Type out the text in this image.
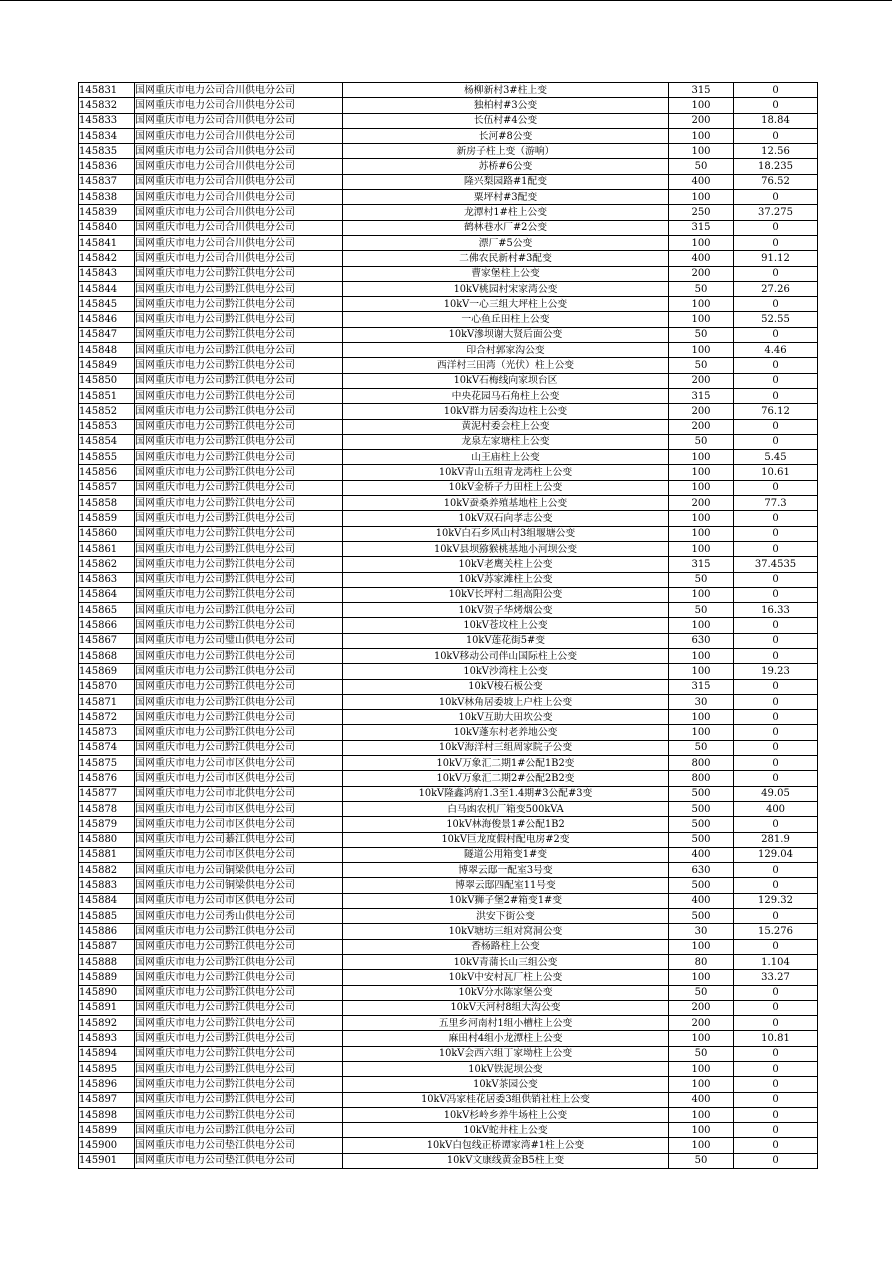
145831	国网重庆市电力公司合川供电分公司	杨柳新村3#柱上变	315	0
145832	国网重庆市电力公司合川供电分公司	独柏村#3公变	100	0
145833	国网重庆市电力公司合川供电分公司	长伍村#4公变	200	18.84
145834	国网重庆市电力公司合川供电分公司	长河#8公变	100	0
145835	国网重庆市电力公司合川供电分公司	新房子柱上变（游响）	100	12.56
145836	国网重庆市电力公司合川供电分公司	苏桥#6公变	50	18.235
145837	国网重庆市电力公司合川供电分公司	隆兴梨园路#1配变	400	76.52
145838	国网重庆市电力公司合川供电分公司	粟坪村#3配变	100	0
145839	国网重庆市电力公司合川供电分公司	龙潭村1#柱上公变	250	37.275
145840	国网重庆市电力公司合川供电分公司	鹤林巷水厂#2公变	315	0
145841	国网重庆市电力公司合川供电分公司	漂厂#5公变	100	0
145842	国网重庆市电力公司合川供电分公司	二佛农民新村#3配变	400	91.12
145843	国网重庆市电力公司黔江供电分公司	曹家堡柱上公变	200	0
145844	国网重庆市电力公司黔江供电分公司	10kV桃园村宋家湾公变	50	27.26
145845	国网重庆市电力公司黔江供电分公司	10kV一心三组大坪柱上公变	100	0
145846	国网重庆市电力公司黔江供电分公司	一心鱼丘田柱上公变	100	52.55
145847	国网重庆市电力公司黔江供电分公司	10kV滲坝谢大贤后面公变	50	0
145848	国网重庆市电力公司黔江供电分公司	印合村郭家沟公变	100	4.46
145849	国网重庆市电力公司黔江供电分公司	西洋村三田湾（光伏）柱上公变	50	0
145850	国网重庆市电力公司黔江供电分公司	10kV石梅线向家坝台区	200	0
145851	国网重庆市电力公司黔江供电分公司	中央花园马石角柱上公变	315	0
145852	国网重庆市电力公司黔江供电分公司	10kV群力居委沟边柱上公变	200	76.12
145853	国网重庆市电力公司黔江供电分公司	黄泥村委会柱上公变	200	0
145854	国网重庆市电力公司黔江供电分公司	龙泉左家塘柱上公变	50	0
145855	国网重庆市电力公司黔江供电分公司	山王庙柱上公变	100	5.45
145856	国网重庆市电力公司黔江供电分公司	10kV青山五组青龙湾柱上公变	100	10.61
145857	国网重庆市电力公司黔江供电分公司	10kV金桥子力田柱上公变	100	0
145858	国网重庆市电力公司黔江供电分公司	10kV蚕桑养殖基地柱上公变	200	77.3
145859	国网重庆市电力公司黔江供电分公司	10kV双石向孝志公变	100	0
145860	国网重庆市电力公司黔江供电分公司	10kV白石乡风山村3组堰塘公变	100	0
145861	国网重庆市电力公司黔江供电分公司	10kV县坝猕猴桃基地小河坝公变	100	0
145862	国网重庆市电力公司黔江供电分公司	10kV老鹰关柱上公变	315	37.4535
145863	国网重庆市电力公司黔江供电分公司	10kV苏家滩柱上公变	50	0
145864	国网重庆市电力公司黔江供电分公司	10kV长坪村二组高阳公变	100	0
145865	国网重庆市电力公司黔江供电分公司	10kV贺子华烤烟公变	50	16.33
145866	国网重庆市电力公司黔江供电分公司	10kV苍坟柱上公变	100	0
145867	国网重庆市电力公司璧山供电分公司	10kV莲花街5#变	630	0
145868	国网重庆市电力公司黔江供电分公司	10kV移动公司伴山国际柱上公变	100	0
145869	国网重庆市电力公司黔江供电分公司	10kV沙湾柱上公变	100	19.23
145870	国网重庆市电力公司黔江供电分公司	10kV梭石板公变	315	0
145871	国网重庆市电力公司黔江供电分公司	10kV林角居委坡上户柱上公变	30	0
145872	国网重庆市电力公司黔江供电分公司	10kV互助大田坎公变	100	0
145873	国网重庆市电力公司黔江供电分公司	10kV蓬东村老养地公变	100	0
145874	国网重庆市电力公司黔江供电分公司	10kV海洋村三组周家院子公变	50	0
145875	国网重庆市电力公司市区供电分公司	10kV万象汇二期1#公配1B2变	800	0
145876	国网重庆市电力公司市区供电分公司	10kV万象汇二期2#公配2B2变	800	0
145877	国网重庆市电力公司市北供电分公司	10kV隆鑫鸿府1.3至1.4期#3公配#3变	500	49.05
145878	国网重庆市电力公司市区供电分公司	白马凼农机厂箱变500kVA	500	400
145879	国网重庆市电力公司市区供电分公司	10kV林海俊景1#公配1B2	500	0
145880	国网重庆市电力公司綦江供电分公司	10kV巨龙度假村配电房#2变	500	281.9
145881	国网重庆市电力公司市区供电分公司	隧道公用箱变1#变	400	129.04
145882	国网重庆市电力公司铜梁供电分公司	博翠云邸一配室3号变	630	0
145883	国网重庆市电力公司铜梁供电分公司	博翠云邸四配室11号变	500	0
145884	国网重庆市电力公司市区供电分公司	10kV狮子堡2#箱变1#变	400	129.32
145885	国网重庆市电力公司秀山供电分公司	洪安下街公变	500	0
145886	国网重庆市电力公司黔江供电分公司	10kV塘坊三组对窝洞公变	30	15.276
145887	国网重庆市电力公司黔江供电分公司	香杨路柱上公变	100	0
145888	国网重庆市电力公司黔江供电分公司	10kV青蒲长山三组公变	80	1.104
145889	国网重庆市电力公司黔江供电分公司	10kV中安村瓦厂柱上公变	100	33.27
145890	国网重庆市电力公司黔江供电分公司	10kV分水陈家堡公变	50	0
145891	国网重庆市电力公司黔江供电分公司	10kV天河村8组大沟公变	200	0
145892	国网重庆市电力公司黔江供电分公司	五里乡河南村1组小槽柱上公变	200	0
145893	国网重庆市电力公司黔江供电分公司	麻田村4组小龙潭柱上公变	100	10.81
145894	国网重庆市电力公司黔江供电分公司	10kV会西六组丁家坳柱上公变	50	0
145895	国网重庆市电力公司黔江供电分公司	10kV铁泥坝公变	100	0
145896	国网重庆市电力公司黔江供电分公司	10kV茶园公变	100	0
145897	国网重庆市电力公司黔江供电分公司	10kV冯家桂花居委3组供销社柱上公变	400	0
145898	国网重庆市电力公司黔江供电分公司	10kV杉岭乡养牛场柱上公变	100	0
145899	国网重庆市电力公司黔江供电分公司	10kV蛇井柱上公变	100	0
145900	国网重庆市电力公司垫江供电分公司	10kV白包线正桥谭家湾#1柱上公变	100	0
145901	国网重庆市电力公司垫江供电分公司	10kV文康线黄金B5柱上变	50	0
